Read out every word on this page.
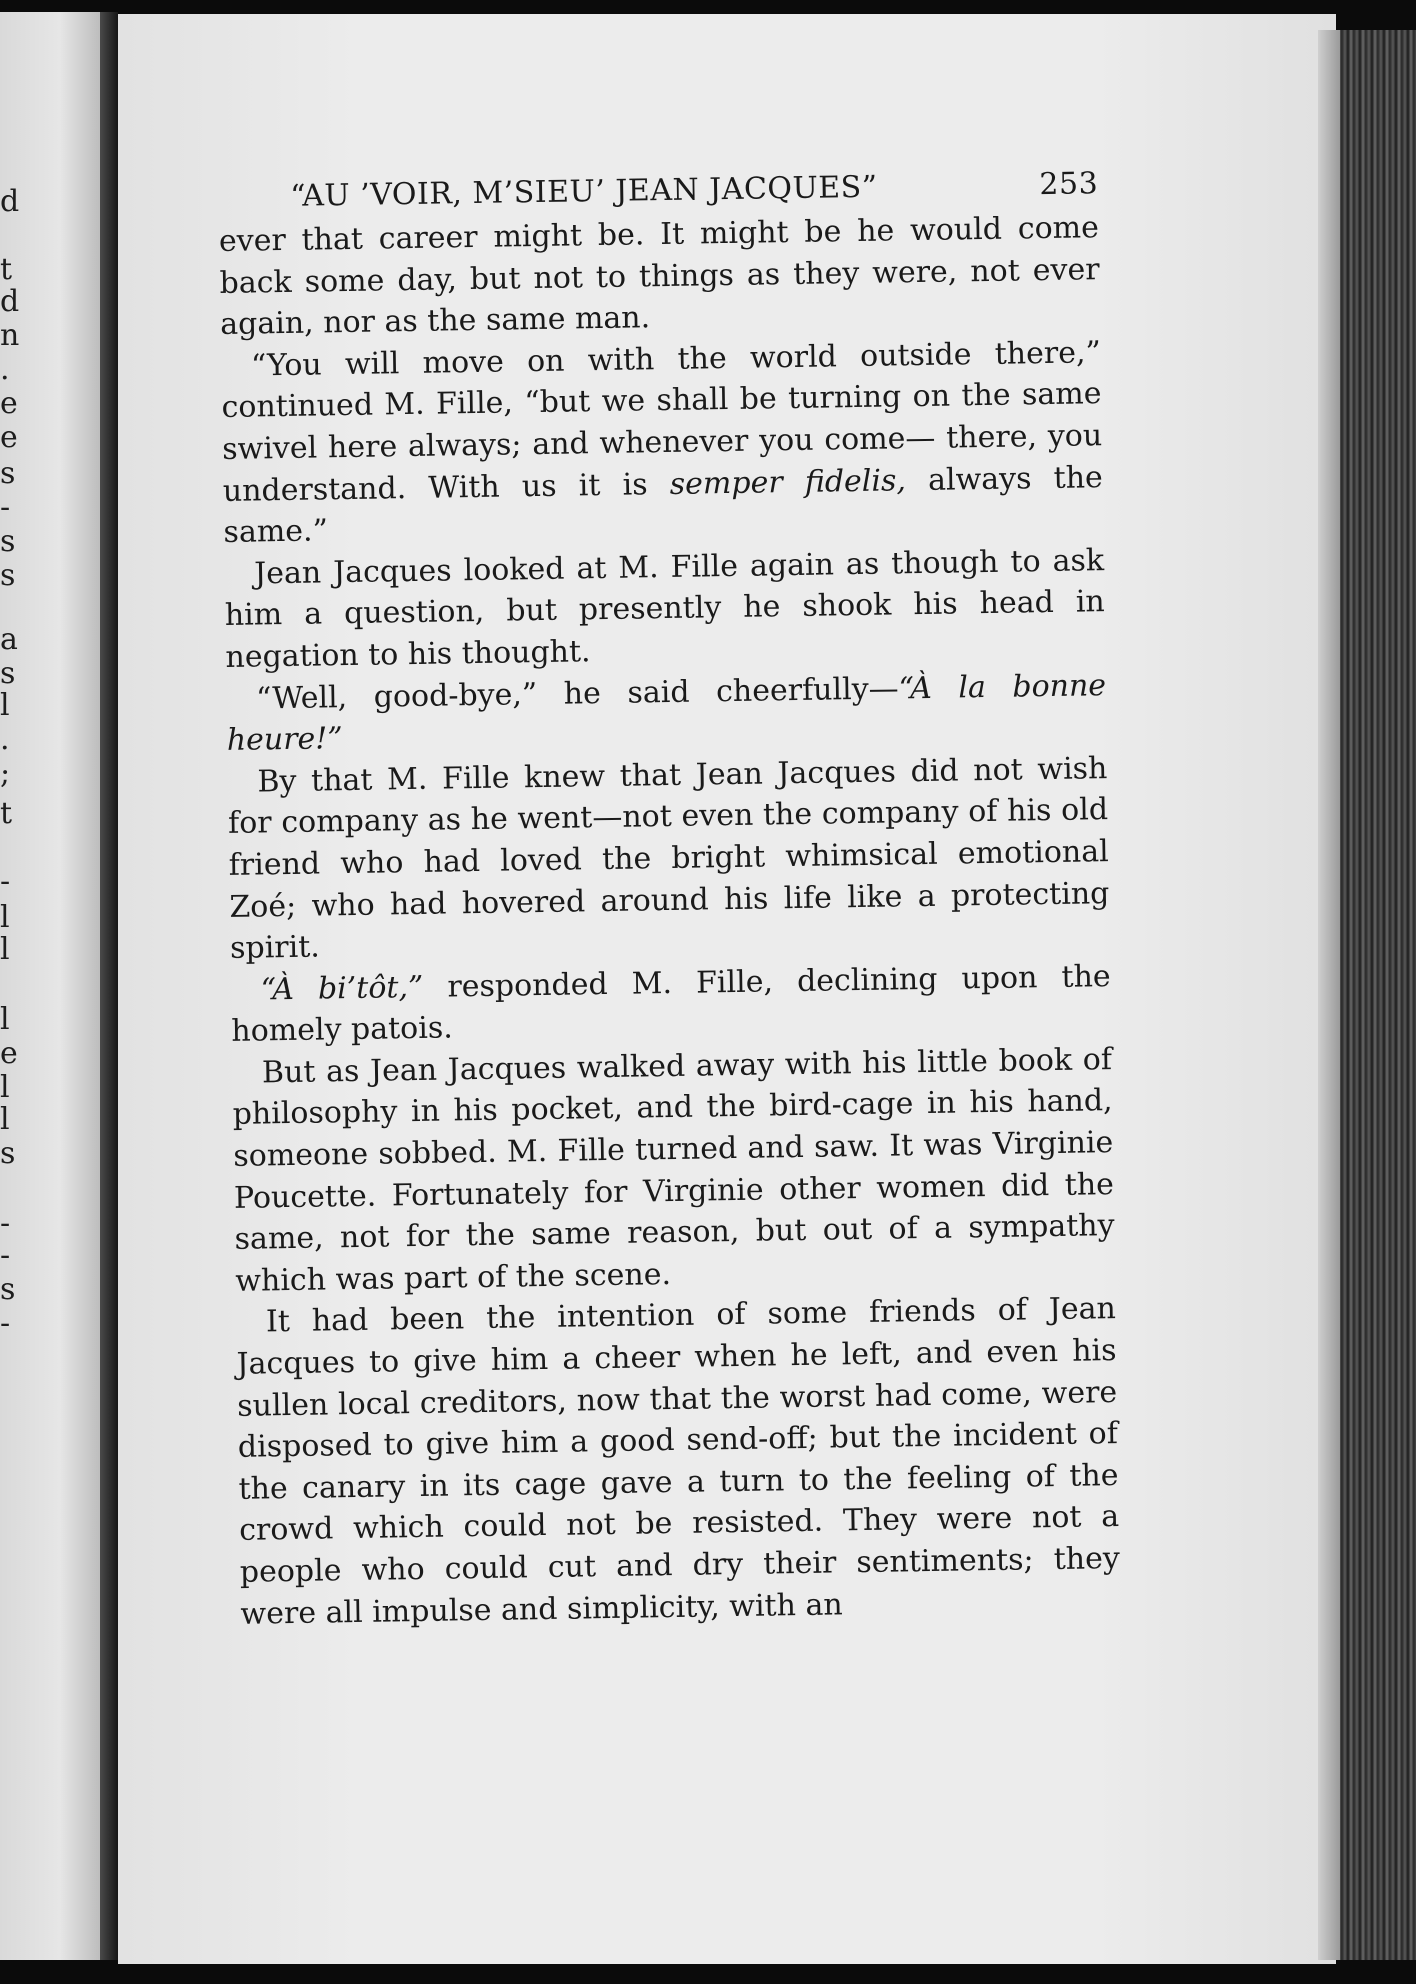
d
t
d
n
.
e
e
s
-
s
s
a
s
l
.
;
t
-
l
l
l
e
l
l
s
-
-
s
-
“AU ’VOIR, M’SIEU’ JEAN JACQUES”	253

ever that career might be. It might be he would come back some day, but not to things as they were, not ever again, nor as the same man.

“You will move on with the world outside there,” continued M. Fille, “but we shall be turning on the same swivel here always; and whenever you come— there, you understand. With us it is semper fidelis, always the same.”

Jean Jacques looked at M. Fille again as though to ask him a question, but presently he shook his head in negation to his thought.

“Well, good-bye,” he said cheerfully—“À la bonne heure!”

By that M. Fille knew that Jean Jacques did not wish for company as he went—not even the company of his old friend who had loved the bright whimsical emotional Zoé; who had hovered around his life like a protecting spirit.

“À bi’tôt,” responded M. Fille, declining upon the homely patois.

But as Jean Jacques walked away with his little book of philosophy in his pocket, and the bird-cage in his hand, someone sobbed. M. Fille turned and saw. It was Virginie Poucette. Fortunately for Virginie other women did the same, not for the same reason, but out of a sympathy which was part of the scene.

It had been the intention of some friends of Jean Jacques to give him a cheer when he left, and even his sullen local creditors, now that the worst had come, were disposed to give him a good send-off; but the incident of the canary in its cage gave a turn to the feeling of the crowd which could not be resisted. They were not a people who could cut and dry their sentiments; they were all impulse and simplicity, with an
